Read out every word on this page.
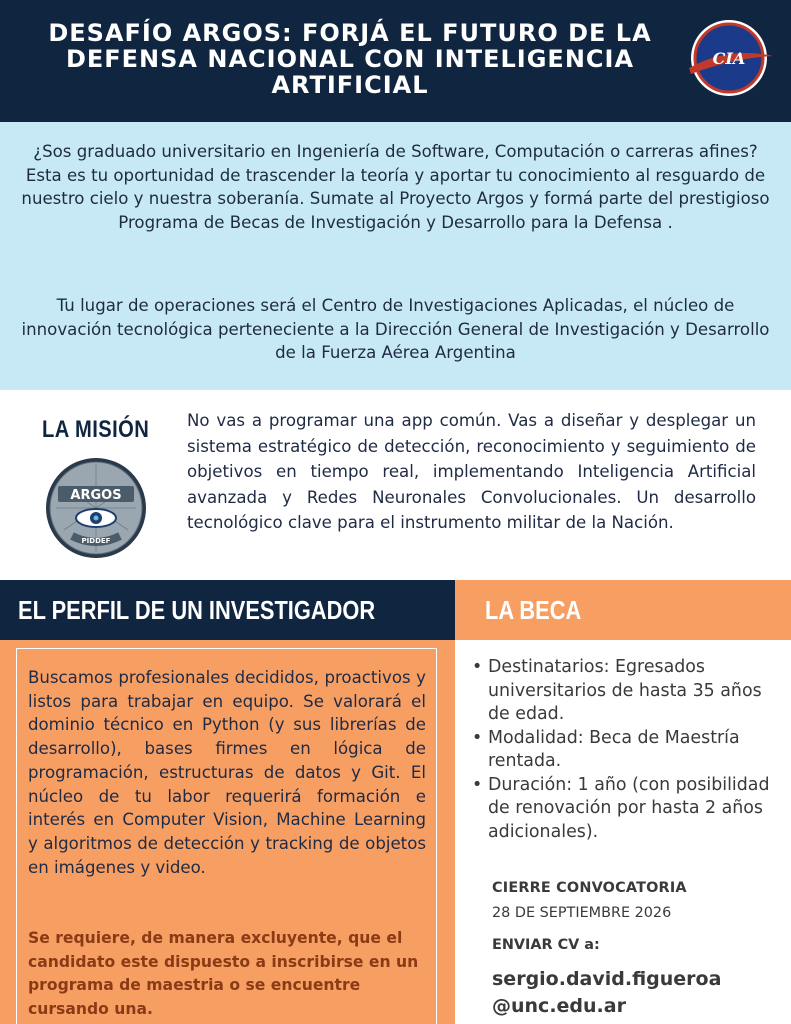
DESAFÍO ARGOS: FORJÁ EL FUTURO DE LA DEFENSA NACIONAL CON INTELIGENCIA ARTIFICIAL
CIA

¿Sos graduado universitario en Ingeniería de Software, Computación o carreras afines? Esta es tu oportunidad de trascender la teoría y aportar tu conocimiento al resguardo de nuestro cielo y nuestra soberanía. Sumate al Proyecto Argos y formá parte del prestigioso Programa de Becas de Investigación y Desarrollo para la Defensa .

Tu lugar de operaciones será el Centro de Investigaciones Aplicadas, el núcleo de innovación tecnológica perteneciente a la Dirección General de Investigación y Desarrollo de la Fuerza Aérea Argentina

LA MISIÓN
ARGOS
PIDDEF
No vas a programar una app común. Vas a diseñar y desplegar un sistema estratégico de detección, reconocimiento y seguimiento de objetivos en tiempo real, implementando Inteligencia Artificial avanzada y Redes Neuronales Convolucionales. Un desarrollo tecnológico clave para el instrumento militar de la Nación.
EL PERFIL DE UN INVESTIGADOR	LA BECA
Buscamos profesionales decididos, proactivos y listos para trabajar en equipo. Se valorará el dominio técnico en Python (y sus librerías de desarrollo), bases firmes en lógica de programación, estructuras de datos y Git. El núcleo de tu labor requerirá formación e interés en Computer Vision, Machine Learning y algoritmos de detección y tracking de objetos en imágenes y video.
Se requiere, de manera excluyente, que el candidato este dispuesto a inscribirse en un programa de maestria o se encuentre cursando una.
• Destinatarios: Egresados universitarios de hasta 35 años de edad.
• Modalidad: Beca de Maestría rentada.
• Duración: 1 año (con posibilidad de renovación por hasta 2 años adicionales).
CIERRE CONVOCATORIA
28 DE SEPTIEMBRE 2026
ENVIAR CV a:
sergio.david.figueroa
@unc.edu.ar
